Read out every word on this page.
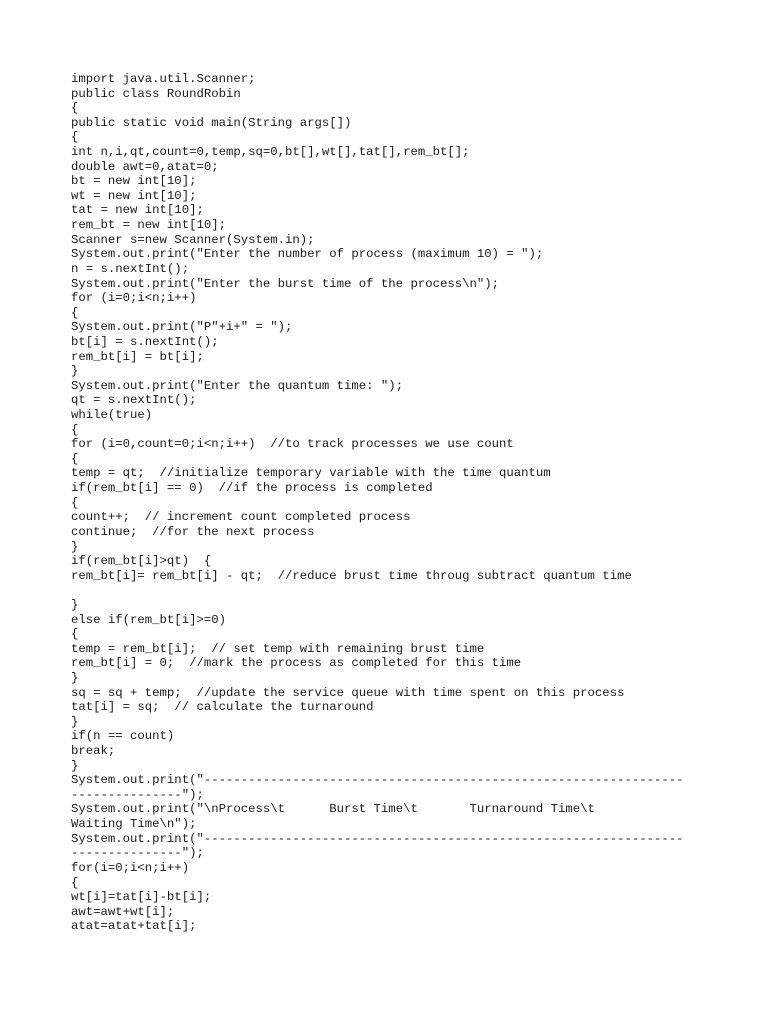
import java.util.Scanner;
public class RoundRobin
{
public static void main(String args[])
{
int n,i,qt,count=0,temp,sq=0,bt[],wt[],tat[],rem_bt[];
double awt=0,atat=0;
bt = new int[10];
wt = new int[10];
tat = new int[10];
rem_bt = new int[10];
Scanner s=new Scanner(System.in);
System.out.print("Enter the number of process (maximum 10) = ");
n = s.nextInt();
System.out.print("Enter the burst time of the process\n");
for (i=0;i<n;i++)
{
System.out.print("P"+i+" = ");
bt[i] = s.nextInt();
rem_bt[i] = bt[i];
}
System.out.print("Enter the quantum time: ");
qt = s.nextInt();
while(true)
{
for (i=0,count=0;i<n;i++)  //to track processes we use count
{
temp = qt;  //initialize temporary variable with the time quantum
if(rem_bt[i] == 0)  //if the process is completed
{
count++;  // increment count completed process
continue;  //for the next process
}
if(rem_bt[i]>qt)  {
rem_bt[i]= rem_bt[i] - qt;  //reduce brust time throug subtract quantum time
}
else if(rem_bt[i]>=0)
{
temp = rem_bt[i];  // set temp with remaining brust time
rem_bt[i] = 0;  //mark the process as completed for this time
}
sq = sq + temp;  //update the service queue with time spent on this process
tat[i] = sq;  // calculate the turnaround
}
if(n == count)
break;
}
System.out.print("-----------------------------------------------------------------
---------------");
System.out.print("\nProcess\t      Burst Time\t       Turnaround Time\t
Waiting Time\n");
System.out.print("-----------------------------------------------------------------
---------------");
for(i=0;i<n;i++)
{
wt[i]=tat[i]-bt[i];
awt=awt+wt[i];
atat=atat+tat[i];
